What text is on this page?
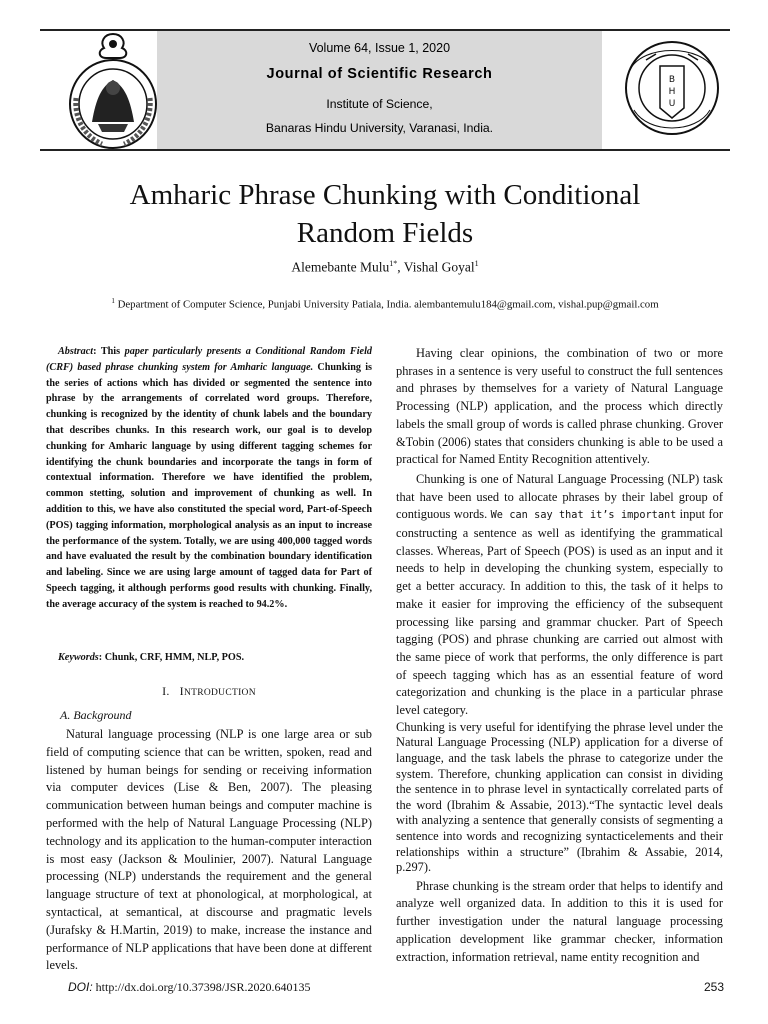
Volume 64, Issue 1, 2020
Journal of Scientific Research
Institute of Science,
Banaras Hindu University, Varanasi, India.
B
H
U
Amharic Phrase Chunking with Conditional
Random Fields
Alemebante Mulu$^{1*}$, Vishal Goyal$^1$
$^1$ Department of Computer Science, Punjabi University Patiala, India. alembantemulu184@gmail.com, vishal.pup@gmail.com
Abstract: This paper particularly presents a Conditional Random Field (CRF) based phrase chunking system for Amharic language. Chunking is the series of actions which has divided or segmented the sentence into phrase by the arrangements of correlated word groups. Therefore, chunking is recognized by the identity of chunk labels and the boundary that describes chunks. In this research work, our goal is to develop chunking for Amharic language by using different tagging schemes for identifying the chunk boundaries and incorporate the tangs in form of contextual information. Therefore we have identified the problem, common stetting, solution and improvement of chunking as well. In addition to this, we have also constituted the special word, Part-of-Speech (POS) tagging information, morphological analysis as an input to increase the performance of the system. Totally, we are using 400,000 tagged words and have evaluated the result by the combination boundary identification and labeling. Since we are using large amount of tagged data for Part of Speech tagging, it although performs good results with chunking. Finally, the average accuracy of the system is reached to 94.2%.
Keywords: Chunk, CRF, HMM, NLP, POS.
I. INTRODUCTION
A. Background

Natural language processing (NLP is one large area or sub field of computing science that can be written, spoken, read and listened by human beings for sending or receiving information via computer devices (Lise & Ben, 2007). The pleasing communication between human beings and computer machine is performed with the help of Natural Language Processing (NLP) technology and its application to the human-computer interaction is most easy (Jackson & Moulinier, 2007). Natural Language processing (NLP) understands the requirement and the general language structure of text at phonological, at morphological, at syntactical, at semantical, at discourse and pragmatic levels (Jurafsky & H.Martin, 2019) to make, increase the instance and performance of NLP applications that have been done at different levels.

Having clear opinions, the combination of two or more phrases in a sentence is very useful to construct the full sentences and phrases by themselves for a variety of Natural Language Processing (NLP) application, and the process which directly labels the small group of words is called phrase chunking. Grover &Tobin (2006) states that considers chunking is able to be used a practical for Named Entity Recognition attentively.

Chunking is one of Natural Language Processing (NLP) task that have been used to allocate phrases by their label group of contiguous words. We can say that it’s important input for constructing a sentence as well as identifying the grammatical classes. Whereas, Part of Speech (POS) is used as an input and it needs to help in developing the chunking system, especially to get a better accuracy. In addition to this, the task of it helps to make it easier for improving the efficiency of the subsequent processing like parsing and grammar chucker. Part of Speech tagging (POS) and phrase chunking are carried out almost with the same piece of work that performs, the only difference is part of speech tagging which has as an essential feature of word categorization and chunking is the place in a particular phrase level category.

Chunking is very useful for identifying the phrase level under the Natural Language Processing (NLP) application for a diverse of language, and the task labels the phrase to categorize under the system. Therefore, chunking application can consist in dividing the sentence in to phrase level in syntactically correlated parts of the word (Ibrahim & Assabie, 2013).“The syntactic level deals with analyzing a sentence that generally consists of segmenting a sentence into words and recognizing syntacticelements and their relationships within a structure” (Ibrahim & Assabie, 2014, p.297).

Phrase chunking is the stream order that helps to identify and analyze well organized data. In addition to this it is used for further investigation under the natural language processing application development like grammar checker, information extraction, information retrieval, name entity recognition and

DOI: http://dx.doi.org/10.37398/JSR.2020.640135	253
